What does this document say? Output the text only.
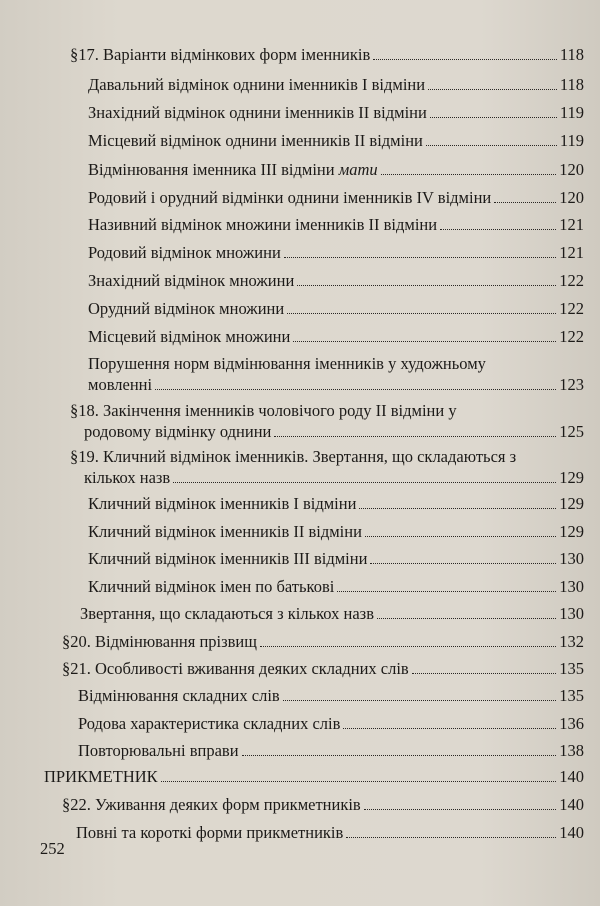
§17. Варіанти відмінкових форм іменників	118
Давальний відмінок однини іменників I відміни	118
Знахідний відмінок однини іменників II відміни	119
Місцевий відмінок однини іменників II відміни	119
Відмінювання іменника III відміни мати	120
Родовий і орудний відмінки однини іменників IV відміни	120
Називний відмінок множини іменників II відміни	121
Родовий відмінок множини	121
Знахідний відмінок множини	122
Орудний відмінок множини	122
Місцевий відмінок множини	122
Порушення норм відмінювання іменників у художньому
мовленні	123
§18. Закінчення іменників чоловічого роду II відміни у
родовому відмінку однини	125
§19. Кличний відмінок іменників. Звертання, що складаються з
кількох назв	129
Кличний відмінок іменників I відміни	129
Кличний відмінок іменників II відміни	129
Кличний відмінок іменників III відміни	130
Кличний відмінок імен по батькові	130
Звертання, що складаються з кількох назв	130
§20. Відмінювання прізвищ	132
§21. Особливості вживання деяких складних слів	135
Відмінювання складних слів	135
Родова характеристика складних слів	136
Повторювальні вправи	138
ПРИКМЕТНИК	140
§22. Уживання деяких форм прикметників	140
Повні та короткі форми прикметників	140
252
